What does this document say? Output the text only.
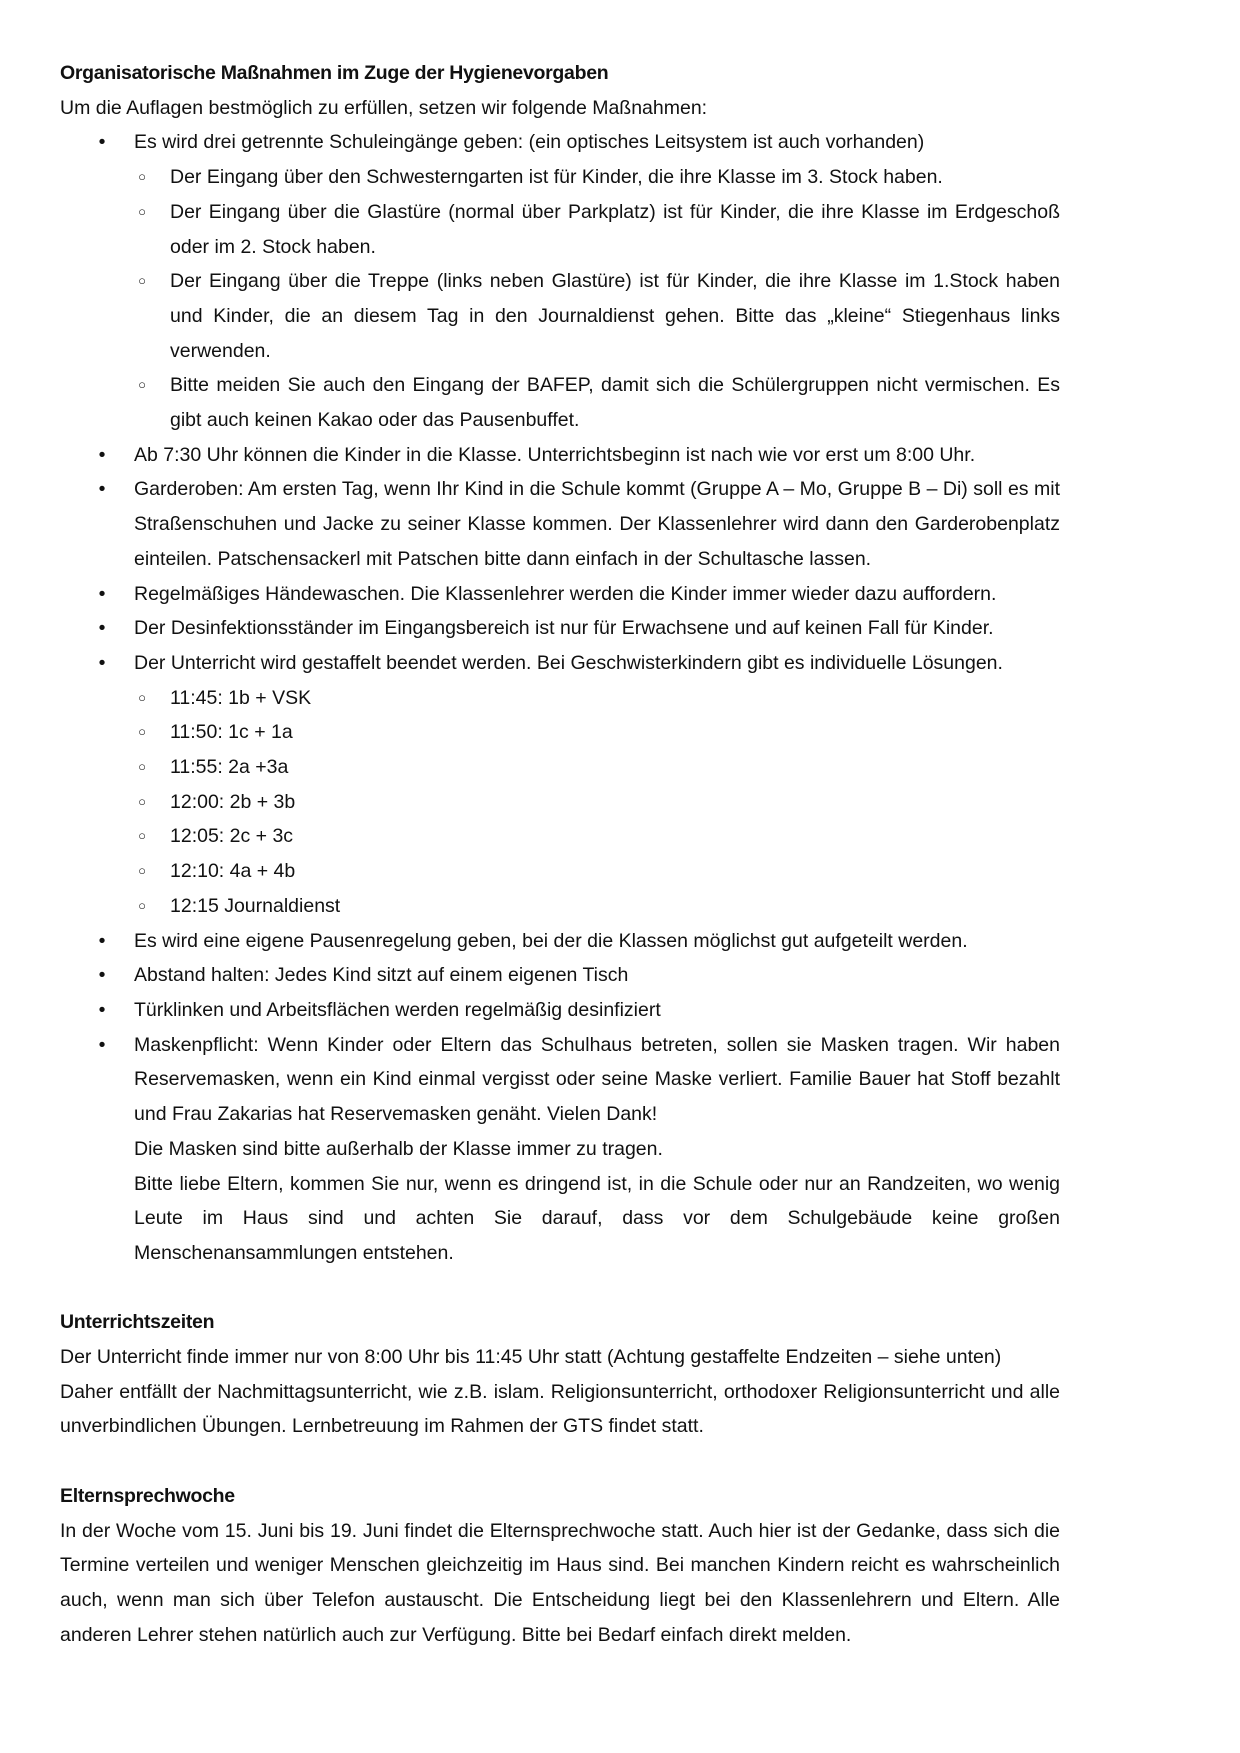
Organisatorische Maßnahmen im Zuge der Hygienevorgaben
Um die Auflagen bestmöglich zu erfüllen, setzen wir folgende Maßnahmen:
•	Es wird drei getrennte Schuleingänge geben: (ein optisches Leitsystem ist auch vorhanden)
○	Der Eingang über den Schwesterngarten ist für Kinder, die ihre Klasse im 3. Stock haben.
○	Der Eingang über die Glastüre (normal über Parkplatz) ist für Kinder, die ihre Klasse im Erdgeschoß oder im 2. Stock haben.
○	Der Eingang über die Treppe (links neben Glastüre) ist für Kinder, die ihre Klasse im 1.Stock haben und Kinder, die an diesem Tag in den Journaldienst gehen. Bitte das „kleine“ Stiegenhaus links verwenden.
○	Bitte meiden Sie auch den Eingang der BAFEP, damit sich die Schülergruppen nicht vermischen. Es gibt auch keinen Kakao oder das Pausenbuffet.
•	Ab 7:30 Uhr können die Kinder in die Klasse. Unterrichtsbeginn ist nach wie vor erst um 8:00 Uhr.
•	Garderoben: Am ersten Tag, wenn Ihr Kind in die Schule kommt (Gruppe A – Mo, Gruppe B – Di) soll es mit Straßenschuhen und Jacke zu seiner Klasse kommen. Der Klassenlehrer wird dann den Garderobenplatz einteilen. Patschensackerl mit Patschen bitte dann einfach in der Schultasche lassen.
•	Regelmäßiges Händewaschen. Die Klassenlehrer werden die Kinder immer wieder dazu auffordern.
•	Der Desinfektionsständer im Eingangsbereich ist nur für Erwachsene und auf keinen Fall für Kinder.
•	Der Unterricht wird gestaffelt beendet werden. Bei Geschwisterkindern gibt es individuelle Lösungen.
○	11:45: 1b + VSK
○	11:50: 1c + 1a
○	11:55: 2a +3a
○	12:00: 2b + 3b
○	12:05: 2c + 3c
○	12:10: 4a + 4b
○	12:15 Journaldienst
•	Es wird eine eigene Pausenregelung geben, bei der die Klassen möglichst gut aufgeteilt werden.
•	Abstand halten: Jedes Kind sitzt auf einem eigenen Tisch
•	Türklinken und Arbeitsflächen werden regelmäßig desinfiziert
•	Maskenpflicht: Wenn Kinder oder Eltern das Schulhaus betreten, sollen sie Masken tragen. Wir haben Reservemasken, wenn ein Kind einmal vergisst oder seine Maske verliert. Familie Bauer hat Stoff bezahlt und Frau Zakarias hat Reservemasken genäht. Vielen Dank!
Die Masken sind bitte außerhalb der Klasse immer zu tragen.
Bitte liebe Eltern, kommen Sie nur, wenn es dringend ist, in die Schule oder nur an Randzeiten, wo wenig Leute im Haus sind und achten Sie darauf, dass vor dem Schulgebäude keine großen Menschenansammlungen entstehen.
Unterrichtszeiten
Der Unterricht finde immer nur von 8:00 Uhr bis 11:45 Uhr statt (Achtung gestaffelte Endzeiten – siehe unten)
Daher entfällt der Nachmittagsunterricht, wie z.B. islam. Religionsunterricht, orthodoxer Religionsunterricht und alle unverbindlichen Übungen. Lernbetreuung im Rahmen der GTS findet statt.
Elternsprechwoche
In der Woche vom 15. Juni bis 19. Juni findet die Elternsprechwoche statt. Auch hier ist der Gedanke, dass sich die Termine verteilen und weniger Menschen gleichzeitig im Haus sind. Bei manchen Kindern reicht es wahrscheinlich auch, wenn man sich über Telefon austauscht. Die Entscheidung liegt bei den Klassenlehrern und Eltern. Alle anderen Lehrer stehen natürlich auch zur Verfügung. Bitte bei Bedarf einfach direkt melden.
